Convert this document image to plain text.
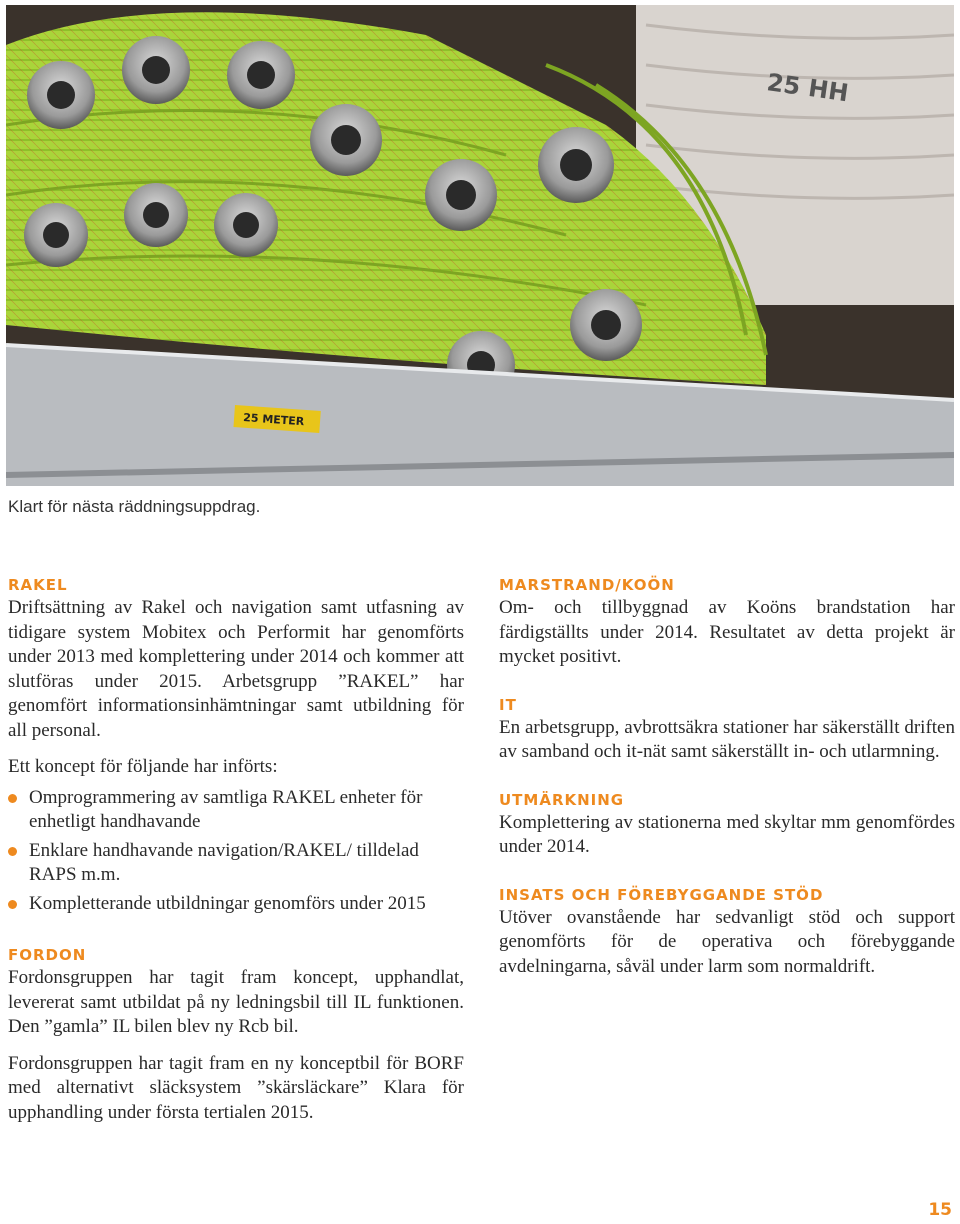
25 HH
25 METER
Klart för nästa räddningsuppdrag.
RAKEL

Driftsättning av Rakel och navigation samt utfasning av tidigare system Mobitex och Performit har genomförts under 2013 med komplettering under 2014 och kommer att slutföras under 2015. Arbetsgrupp ”RAKEL” har genomfört informationsinhämtningar samt utbildning för all personal.

Ett koncept för följande har införts:

Omprogrammering av samtliga RAKEL enheter för enhetligt handhavande
Enklare handhavande navigation/RAKEL/ tilldelad RAPS m.m.
Kompletterande utbildningar genomförs under 2015
FORDON

Fordonsgruppen har tagit fram koncept, upphandlat, levererat samt utbildat på ny ledningsbil till IL funktionen. Den ”gamla” IL bilen blev ny Rcb bil.

Fordonsgruppen har tagit fram en ny konceptbil för BORF med alternativt släcksystem ”skärsläckare” Klara för upphandling under första tertialen 2015.

MARSTRAND/KOÖN

Om- och tillbyggnad av Koöns brandstation har färdigställts under 2014. Resultatet av detta projekt är mycket positivt.

IT

En arbetsgrupp, avbrottsäkra stationer har säkerställt driften av samband och it-nät samt säkerställt in- och utlarmning.

UTMÄRKNING

Komplettering av stationerna med skyltar mm genomfördes under 2014.

INSATS OCH FÖREBYGGANDE STÖD

Utöver ovanstående har sedvanligt stöd och support genomförts för de operativa och förebyggande avdelningarna, såväl under larm som normaldrift.

15
